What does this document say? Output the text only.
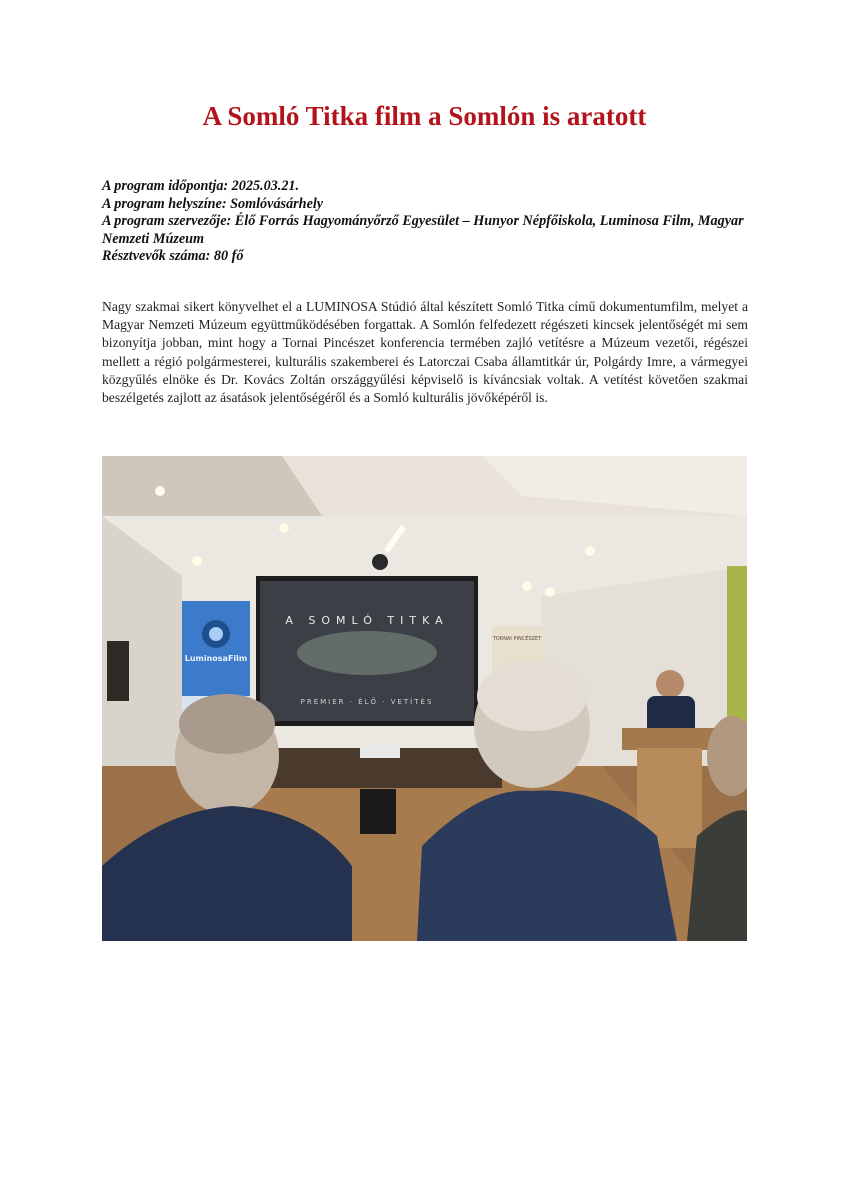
A Somló Titka film a Somlón is aratott
A program időpontja: 2025.03.21.
A program helyszíne: Somlóvásárhely
A program szervezője: Élő Forrás Hagyományőrző Egyesület – Hunyor Népfőiskola, Luminosa Film, Magyar Nemzeti Múzeum
Résztvevők száma: 80 fő

Nagy szakmai sikert könyvelhet el a LUMINOSA Stúdió által készített Somló Titka című dokumentumfilm, melyet a Magyar Nemzeti Múzeum együttműködésében forgattak. A Somlón felfedezett régészeti kincsek jelentőségét mi sem bizonyítja jobban, mint hogy a Tornai Pincészet konferencia termében zajló vetítésre a Múzeum vezetői, régészei mellett a régió polgármesterei, kulturális szakemberei és Latorczai Csaba államtitkár úr, Polgárdy Imre, a vármegyei közgyűlés elnöke és Dr. Kovács Zoltán országgyűlési képviselő is kíváncsiak voltak. A vetítést követően szakmai beszélgetés zajlott az ásatások jelentőségéről és a Somló kulturális jövőképéről is.

A SOMLÓ TITKA
PREMIER · ÉLŐ · VETÍTÉS
LuminosaFilm
TORNAI PINCÉSZET
